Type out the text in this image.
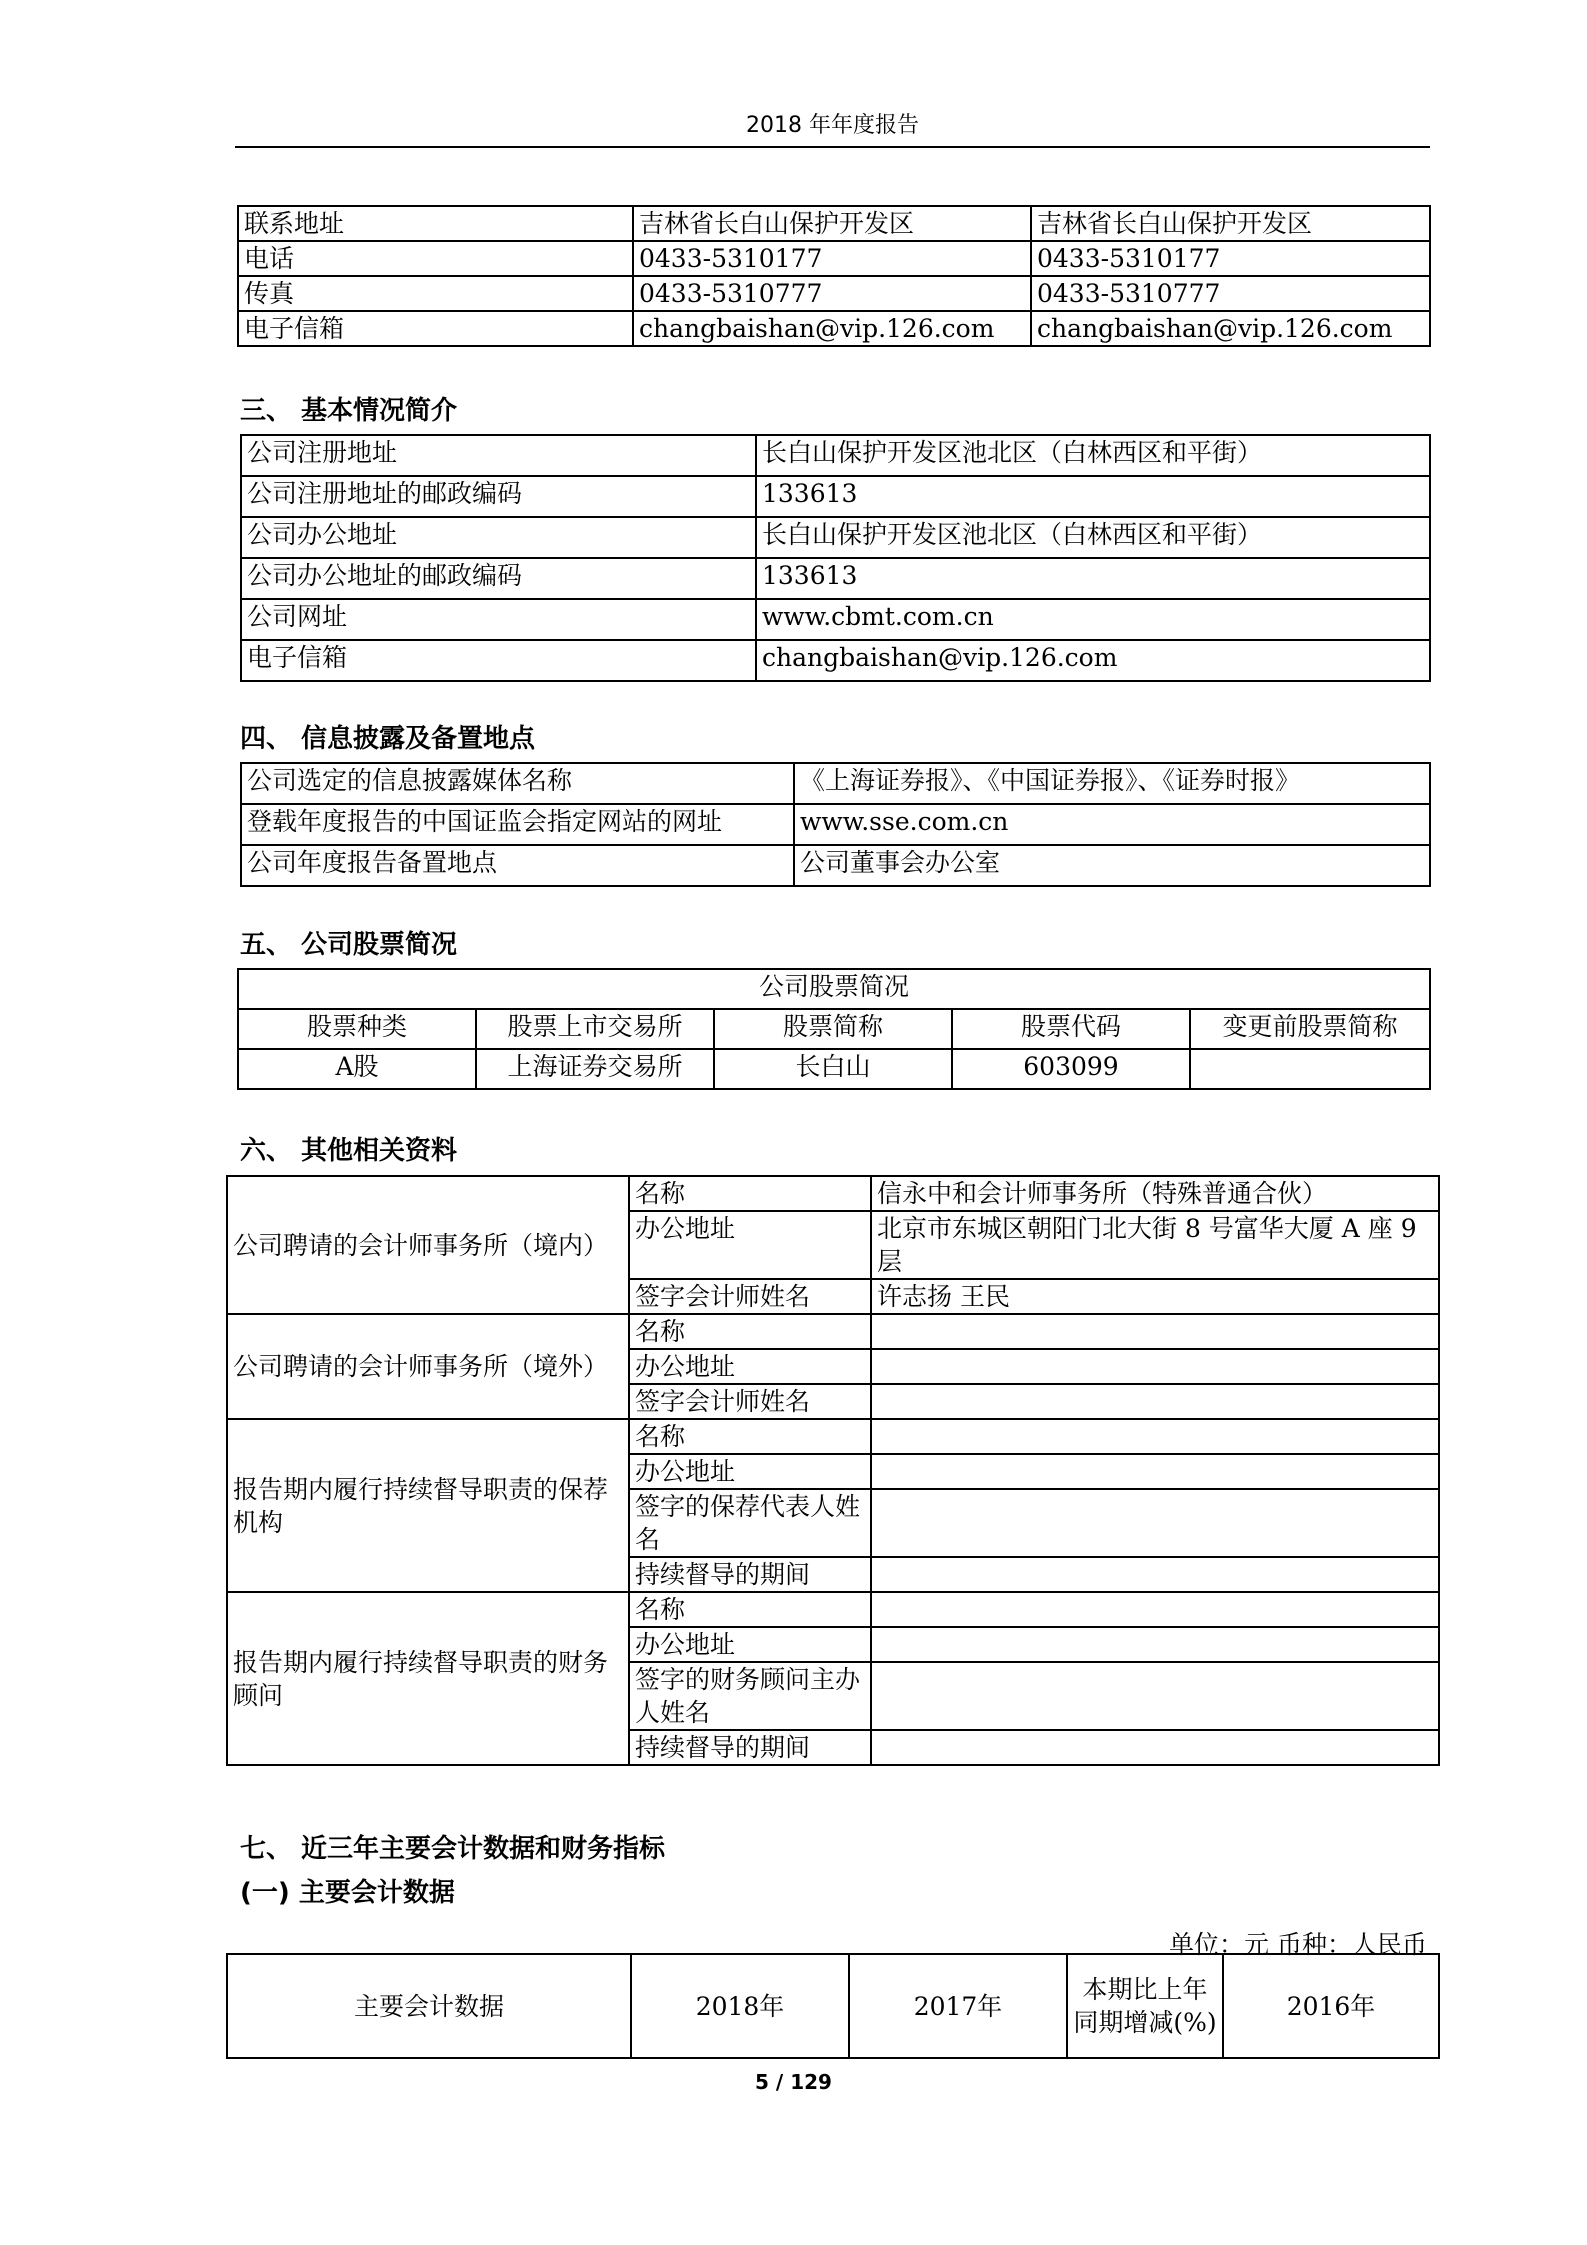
2018 年年度报告
联系地址	吉林省长白山保护开发区	吉林省长白山保护开发区
电话	0433-5310177	0433-5310177
传真	0433-5310777	0433-5310777
电子信箱	changbaishan@vip.126.com	changbaishan@vip.126.com
三、 基本情况简介
公司注册地址	长白山保护开发区池北区（白林西区和平街）
公司注册地址的邮政编码	133613
公司办公地址	长白山保护开发区池北区（白林西区和平街）
公司办公地址的邮政编码	133613
公司网址	www.cbmt.com.cn
电子信箱	changbaishan@vip.126.com
四、 信息披露及备置地点
公司选定的信息披露媒体名称	《上海证券报》、《中国证券报》、《证券时报》
登载年度报告的中国证监会指定网站的网址	www.sse.com.cn
公司年度报告备置地点	公司董事会办公室
五、 公司股票简况
公司股票简况				
股票种类	股票上市交易所	股票简称	股票代码	变更前股票简称
A股	上海证券交易所	长白山	603099	
六、 其他相关资料
公司聘请的会计师事务所（境内）	名称	信永中和会计师事务所（特殊普通合伙）
	办公地址	北京市东城区朝阳门北大街 8 号富华大厦 A 座 9 层
	签字会计师姓名	许志扬 王民
公司聘请的会计师事务所（境外）	名称	
	办公地址	
	签字会计师姓名	
报告期内履行持续督导职责的保荐机构	名称	
	办公地址	
	签字的保荐代表人姓名	
	持续督导的期间	
报告期内履行持续督导职责的财务顾问	名称	
	办公地址	
	签字的财务顾问主办人姓名	
	持续督导的期间	
七、 近三年主要会计数据和财务指标
(一) 主要会计数据
单位：元 币种：人民币
主要会计数据	2018年	2017年	本期比上年同期增减(%)	2016年
5 / 129
